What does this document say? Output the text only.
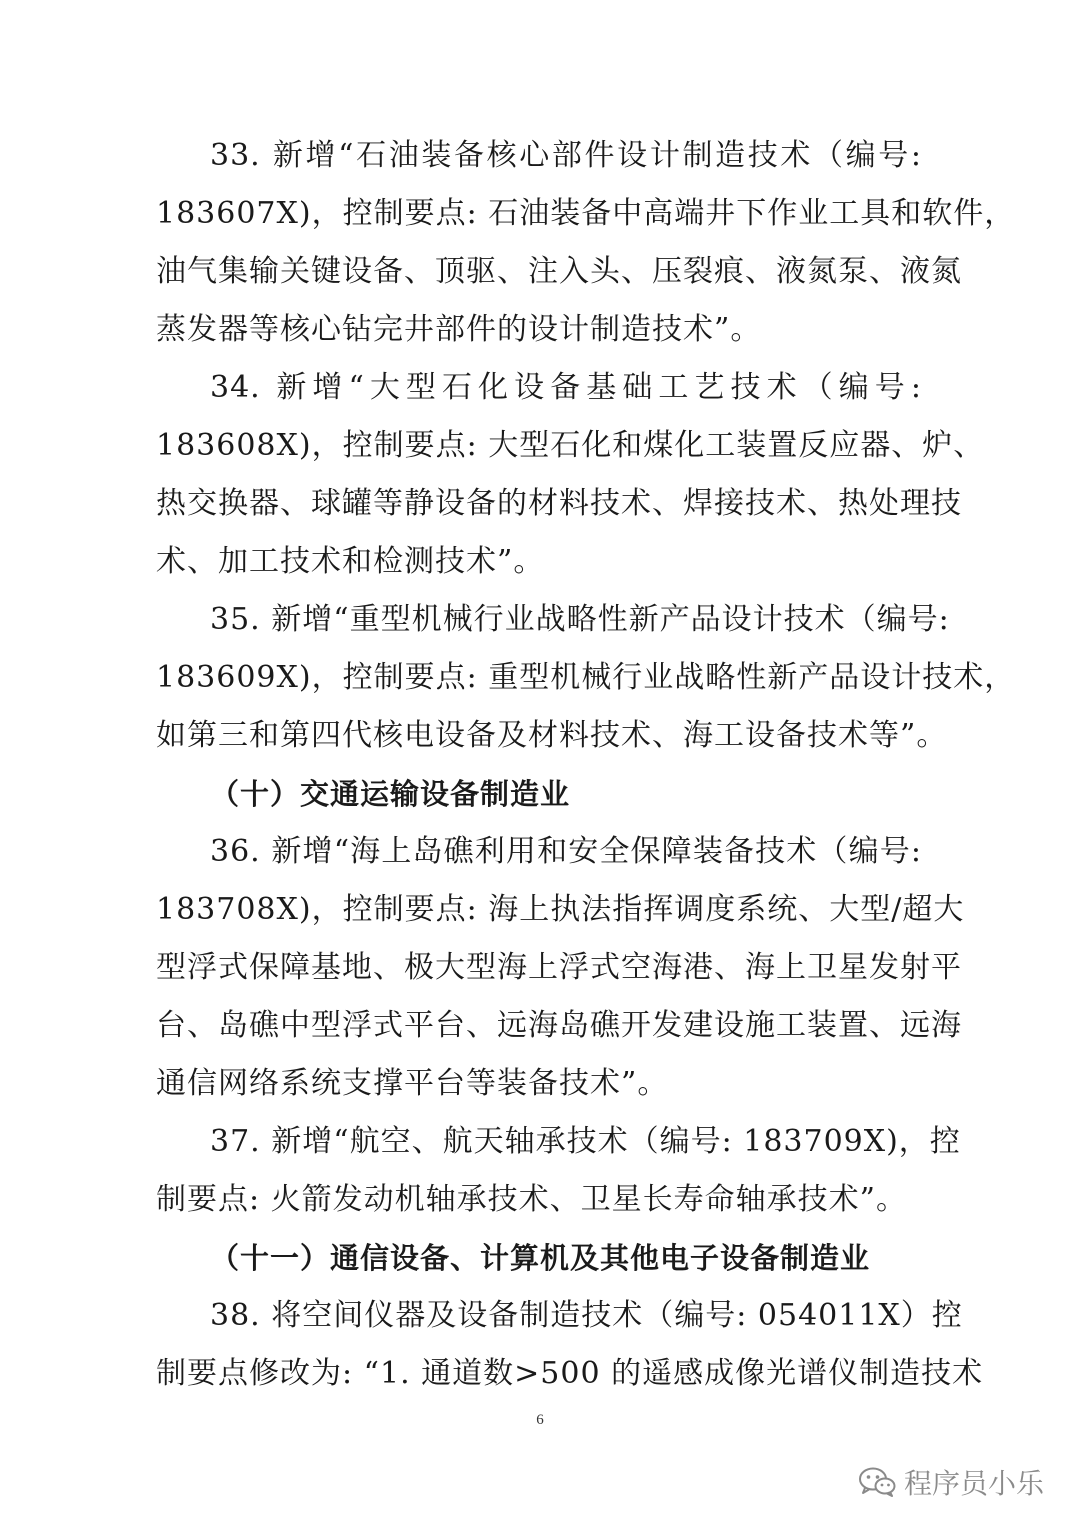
33. 新增“石油装备核心部件设计制造技术（编号:
183607X)，控制要点: 石油装备中高端井下作业工具和软件，
油气集输关键设备、顶驱、注入头、压裂痕、液氮泵、液氮
蒸发器等核心钻完井部件的设计制造技术”。
34. 新增“大型石化设备基础工艺技术（编号:
183608X)，控制要点: 大型石化和煤化工装置反应器、炉、
热交换器、球罐等静设备的材料技术、焊接技术、热处理技
术、加工技术和检测技术”。
35. 新增“重型机械行业战略性新产品设计技术（编号:
183609X)，控制要点: 重型机械行业战略性新产品设计技术，
如第三和第四代核电设备及材料技术、海工设备技术等”。
（十）交通运输设备制造业
36. 新增“海上岛礁利用和安全保障装备技术（编号:
183708X)，控制要点: 海上执法指挥调度系统、大型/超大
型浮式保障基地、极大型海上浮式空海港、海上卫星发射平
台、岛礁中型浮式平台、远海岛礁开发建设施工装置、远海
通信网络系统支撑平台等装备技术”。
37. 新增“航空、航天轴承技术（编号: 183709X)，控
制要点: 火箭发动机轴承技术、卫星长寿命轴承技术”。
（十一）通信设备、计算机及其他电子设备制造业
38. 将空间仪器及设备制造技术（编号: 054011X）控
制要点修改为: “1. 通道数>500 的遥感成像光谱仪制造技术
6
程序员小乐
